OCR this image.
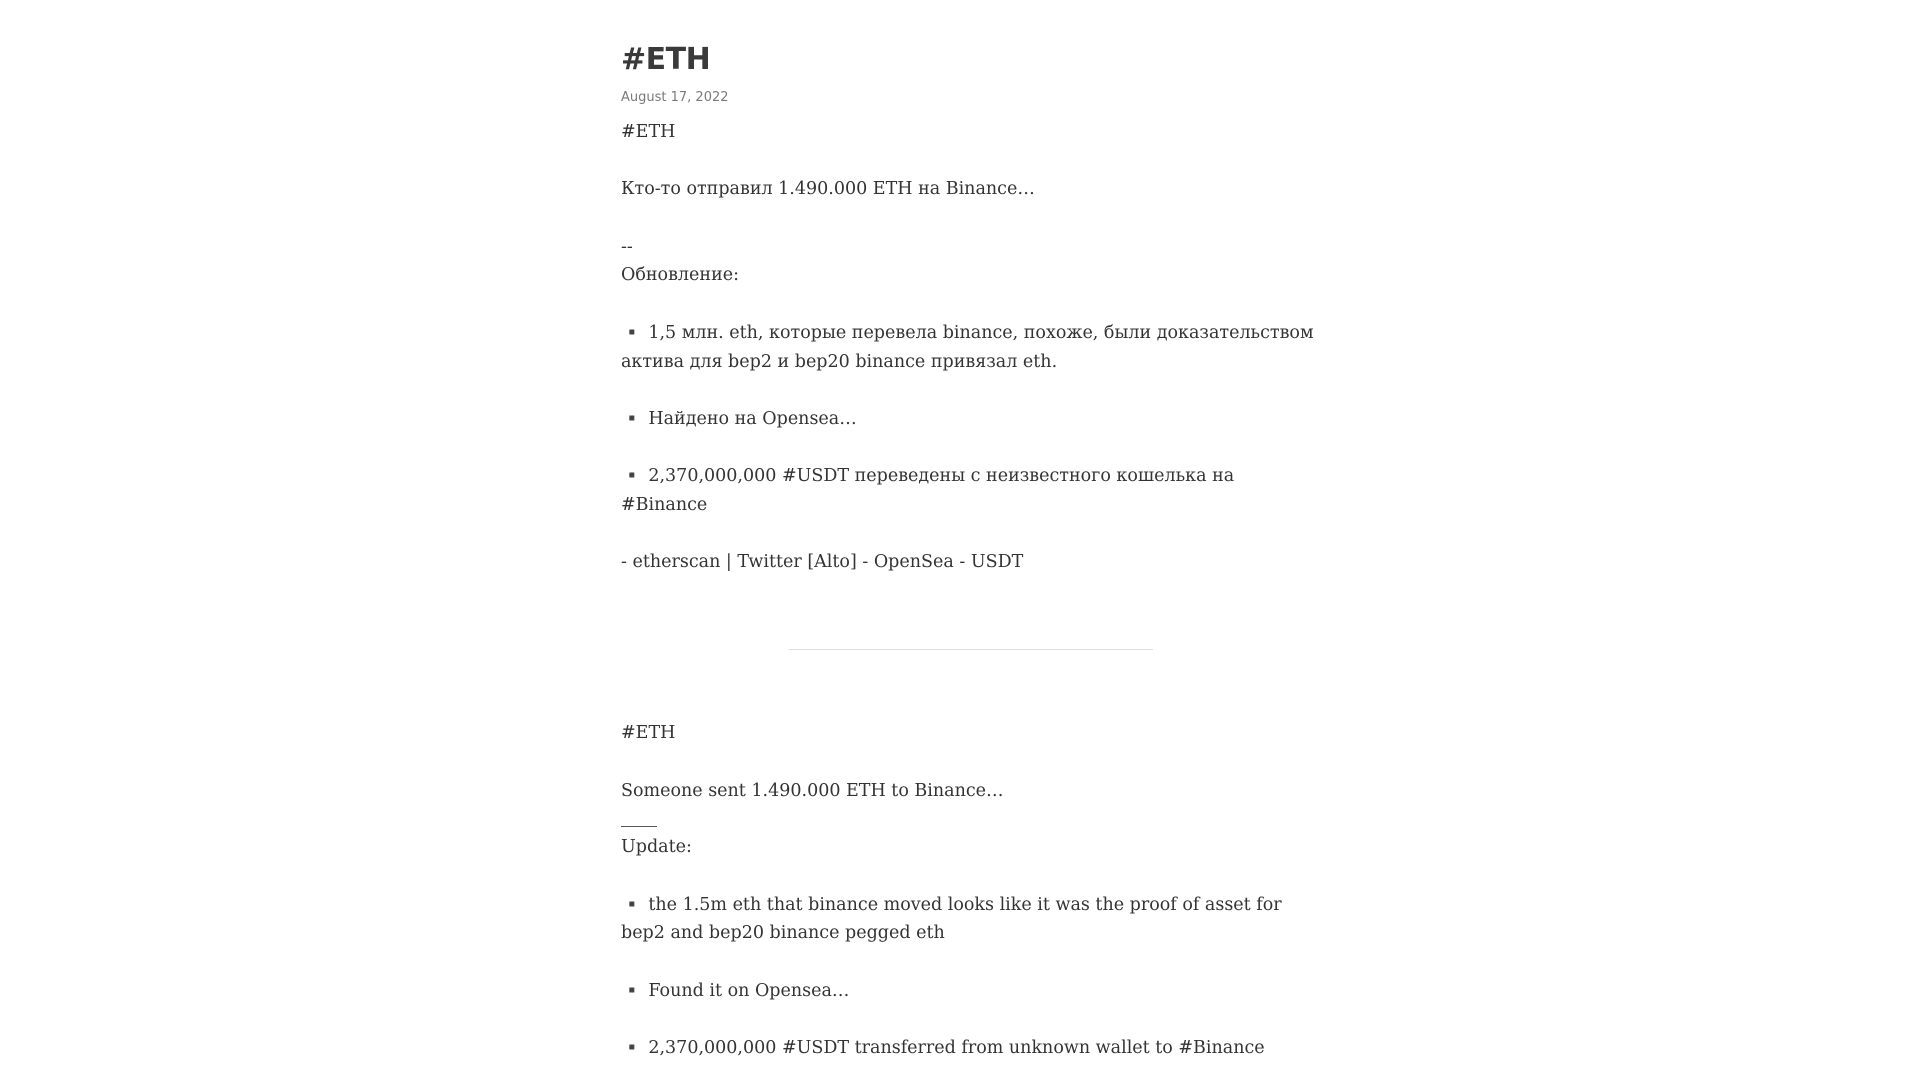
#ETH
August 17, 2022

#ETH

Кто-то отправил 1.490.000 ETH на Binance…

--

Обновление:

▪️ 1,5 млн. eth, которые перевела binance, похоже, были доказательством актива для bep2 и bep20 binance привязал eth.

▪️ Найдено на Opensea…

▪️ 2,370,000,000 #USDT переведены с неизвестного кошелька на #Binance

- etherscan | Twitter [Alto] - OpenSea - USDT

#ETH

Someone sent 1.490.000 ETH to Binance…

Update:

▪️ the 1.5m eth that binance moved looks like it was the proof of asset for bep2 and bep20 binance pegged eth

▪️ Found it on Opensea…

▪️ 2,370,000,000 #USDT transferred from unknown wallet to #Binance
